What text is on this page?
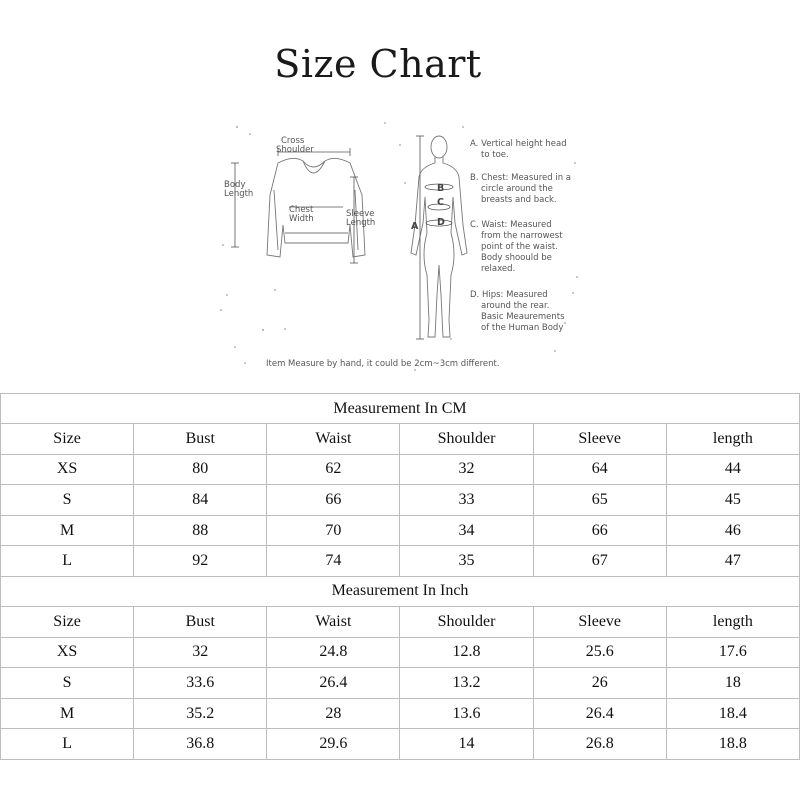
Size Chart
Cross
Shoulder
Body
Length
Chest
Width	Sleeve
Length	A
B
C
D
A. Vertical height head
to toe.
B. Chest: Measured in a
circle around the
breasts and back.
C. Waist: Measured
from the narrowest
point of the waist.
Body shoould be
relaxed.
D. Hips: Measured
around the rear.
Basic Meaurements
of the Human Body
Item Measure by hand, it could be 2cm~3cm different.
Measurement In CM					
Size	Bust	Waist	Shoulder	Sleeve	length
XS	80	62	32	64	44
S	84	66	33	65	45
M	88	70	34	66	46
L	92	74	35	67	47
Measurement In Inch					
Size	Bust	Waist	Shoulder	Sleeve	length
XS	32	24.8	12.8	25.6	17.6
S	33.6	26.4	13.2	26	18
M	35.2	28	13.6	26.4	18.4
L	36.8	29.6	14	26.8	18.8
